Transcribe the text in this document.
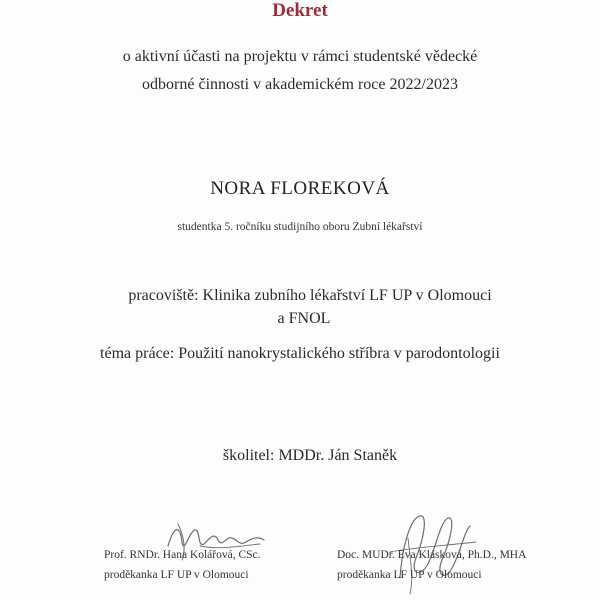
Dekret
o aktivní účasti na projektu v rámci studentské vědecké
odborné činnosti v akademickém roce 2022/2023
NORA FLOREKOVÁ
studentka 5. ročníku studijního oboru Zubní lékařství
pracoviště: Klinika zubního lékařství LF UP v Olomouci
a FNOL
téma práce: Použití nanokrystalického stříbra v parodontologii
školitel: MDDr. Ján Staněk
Prof. RNDr. Hana Kolářová, CSc.
proděkanka LF UP v Olomouci
Doc. MUDr. Eva Klásková, Ph.D., MHA
proděkanka LF UP v Olomouci
